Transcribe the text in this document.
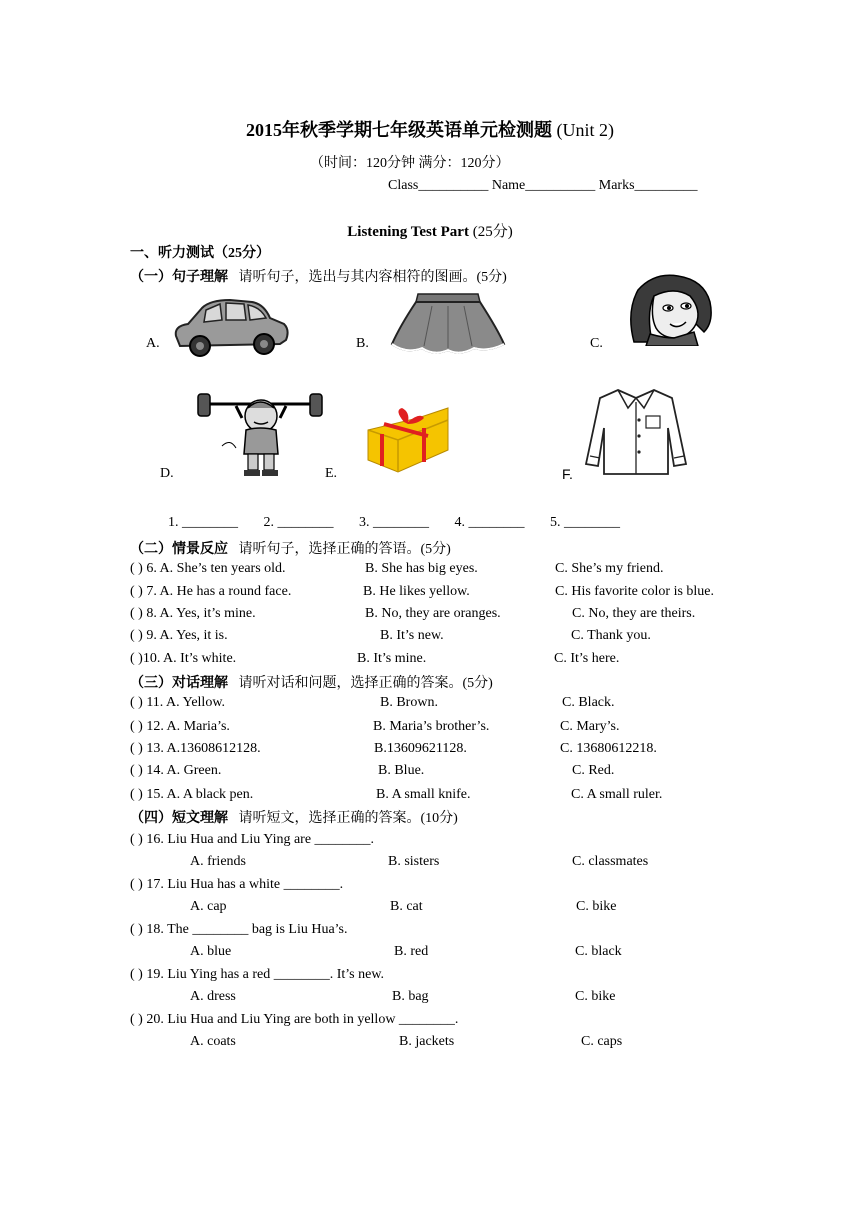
2015年秋季学期七年级英语单元检测题 (Unit 2)
（时间：120分钟 满分：120分）
Class__________ Name__________ Marks_________
Listening Test Part (25分)
一、听力测试（25分）
（一）句子理解 请听句子，选出与其内容相符的图画。(5分)
A.	B.	C.
D.	E.	F.
1. ________ 2. ________ 3. ________ 4. ________ 5. ________
（二）情景反应 请听句子，选择正确的答语。(5分)
( ) 6. A. She’s ten years old.	B. She has big eyes.	C. She’s my friend.
( ) 7. A. He has a round face.	B. He likes yellow.	C. His favorite color is blue.
( ) 8. A. Yes, it’s mine.	B. No, they are oranges.	C. No, they are theirs.
( ) 9. A. Yes, it is.	B. It’s new.	C. Thank you.
( )10. A. It’s white.	B. It’s mine.	C. It’s here.
（三）对话理解 请听对话和问题，选择正确的答案。(5分)
( ) 11. A. Yellow.	B. Brown.	C. Black.
( ) 12. A. Maria’s.	B. Maria’s brother’s.	C. Mary’s.
( ) 13. A.13608612128.	B.13609621128.	C. 13680612218.
( ) 14. A. Green.	B. Blue.	C. Red.
( ) 15. A. A black pen.	B. A small knife.	C. A small ruler.
（四）短文理解 请听短文，选择正确的答案。(10分)
( ) 16. Liu Hua and Liu Ying are ________.
A. friends	B. sisters	C. classmates
( ) 17. Liu Hua has a white ________.
A. cap	B. cat	C. bike
( ) 18. The ________ bag is Liu Hua’s.
A. blue	B. red	C. black
( ) 19. Liu Ying has a red ________. It’s new.
A. dress	B. bag	C. bike
( ) 20. Liu Hua and Liu Ying are both in yellow ________.
A. coats	B. jackets	C. caps
